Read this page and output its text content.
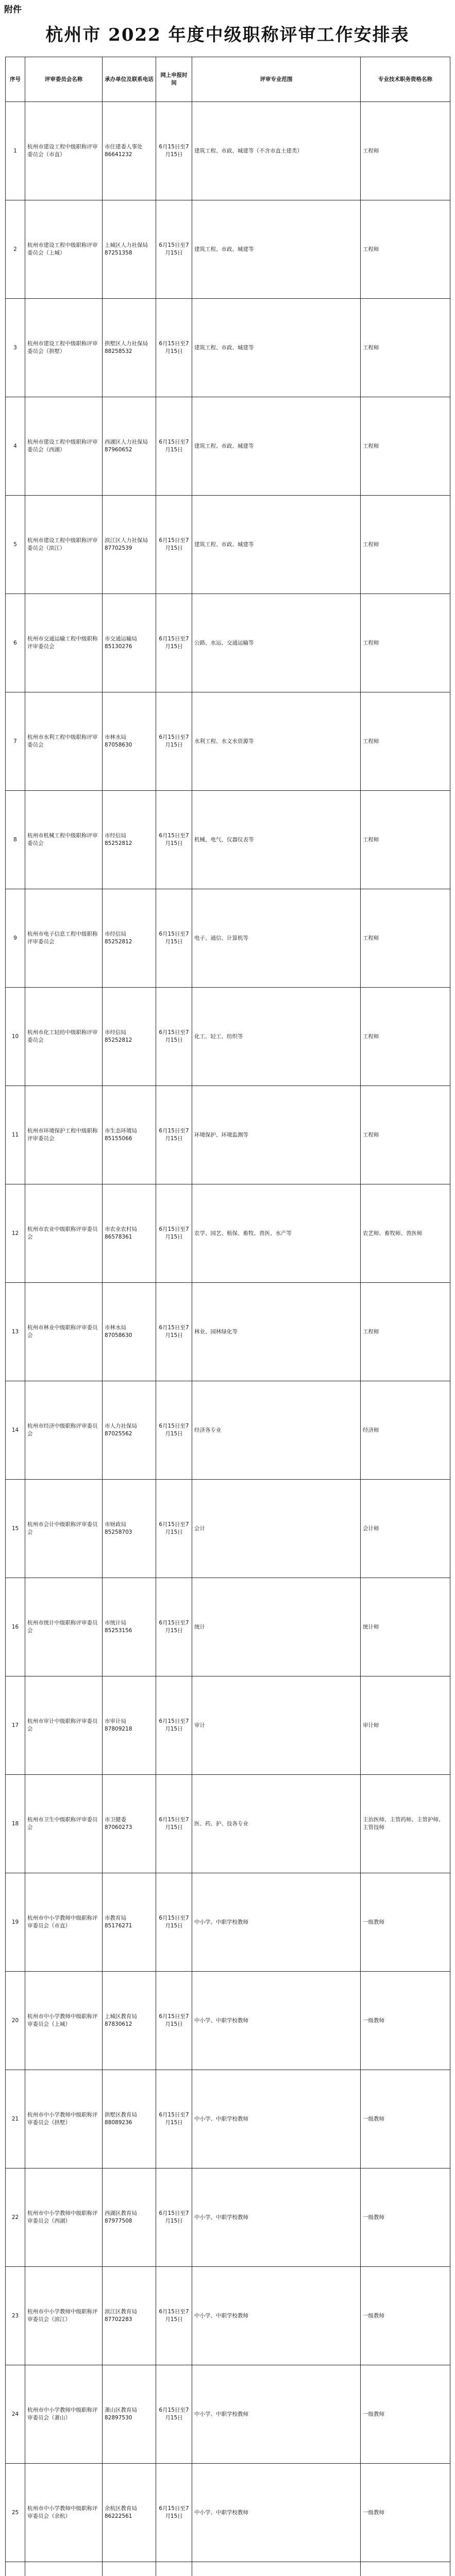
附件
杭州市 2022 年度中级职称评审工作安排表
序号	评审委员会名称	承办单位及联系电话	网上申报时间	评审专业范围	专业技术职务资格名称
1	杭州市建设工程中级职称评审委员会（市直）	市住建委人事处 86641232	6月15日至7月15日	建筑工程、市政、城建等（不含市直土建类）	工程师
2	杭州市建设工程中级职称评审委员会（上城）	上城区人力社保局 87251358	6月15日至7月15日	建筑工程、市政、城建等	工程师
3	杭州市建设工程中级职称评审委员会（拱墅）	拱墅区人力社保局 88258532	6月15日至7月15日	建筑工程、市政、城建等	工程师
4	杭州市建设工程中级职称评审委员会（西湖）	西湖区人力社保局 87960652	6月15日至7月15日	建筑工程、市政、城建等	工程师
5	杭州市建设工程中级职称评审委员会（滨江）	滨江区人力社保局 87702539	6月15日至7月15日	建筑工程、市政、城建等	工程师
6	杭州市交通运输工程中级职称评审委员会	市交通运输局 85130276	6月15日至7月15日	公路、水运、交通运输等	工程师
7	杭州市水利工程中级职称评审委员会	市林水局 87058630	6月15日至7月15日	水利工程、水文水资源等	工程师
8	杭州市机械工程中级职称评审委员会	市经信局 85252812	6月15日至7月15日	机械、电气、仪器仪表等	工程师
9	杭州市电子信息工程中级职称评审委员会	市经信局 85252812	6月15日至7月15日	电子、通信、计算机等	工程师
10	杭州市化工轻纺中级职称评审委员会	市经信局 85252812	6月15日至7月15日	化工、轻工、纺织等	工程师
11	杭州市环境保护工程中级职称评审委员会	市生态环境局 85155066	6月15日至7月15日	环境保护、环境监测等	工程师
12	杭州市农业中级职称评审委员会	市农业农村局 86578361	6月15日至7月15日	农学、园艺、植保、畜牧、兽医、水产等	农艺师、畜牧师、兽医师
13	杭州市林业中级职称评审委员会	市林水局 87058630	6月15日至7月15日	林业、园林绿化等	工程师
14	杭州市经济中级职称评审委员会	市人力社保局 87025562	6月15日至7月15日	经济各专业	经济师
15	杭州市会计中级职称评审委员会	市财政局 85258703	6月15日至7月15日	会计	会计师
16	杭州市统计中级职称评审委员会	市统计局 85253156	6月15日至7月15日	统计	统计师
17	杭州市审计中级职称评审委员会	市审计局 87809218	6月15日至7月15日	审计	审计师
18	杭州市卫生中级职称评审委员会	市卫健委 87060273	6月15日至7月15日	医、药、护、技各专业	主治医师、主管药师、主管护师、主管技师
19	杭州市中小学教师中级职称评审委员会（市直）	市教育局 85176271	6月15日至7月15日	中小学、中职学校教师	一级教师
20	杭州市中小学教师中级职称评审委员会（上城）	上城区教育局 87830612	6月15日至7月15日	中小学、中职学校教师	一级教师
21	杭州市中小学教师中级职称评审委员会（拱墅）	拱墅区教育局 88089236	6月15日至7月15日	中小学、中职学校教师	一级教师
22	杭州市中小学教师中级职称评审委员会（西湖）	西湖区教育局 87977508	6月15日至7月15日	中小学、中职学校教师	一级教师
23	杭州市中小学教师中级职称评审委员会（滨江）	滨江区教育局 87702283	6月15日至7月15日	中小学、中职学校教师	一级教师
24	杭州市中小学教师中级职称评审委员会（萧山）	萧山区教育局 82897530	6月15日至7月15日	中小学、中职学校教师	一级教师
25	杭州市中小学教师中级职称评审委员会（余杭）	余杭区教育局 86222561	6月15日至7月15日	中小学、中职学校教师	一级教师
